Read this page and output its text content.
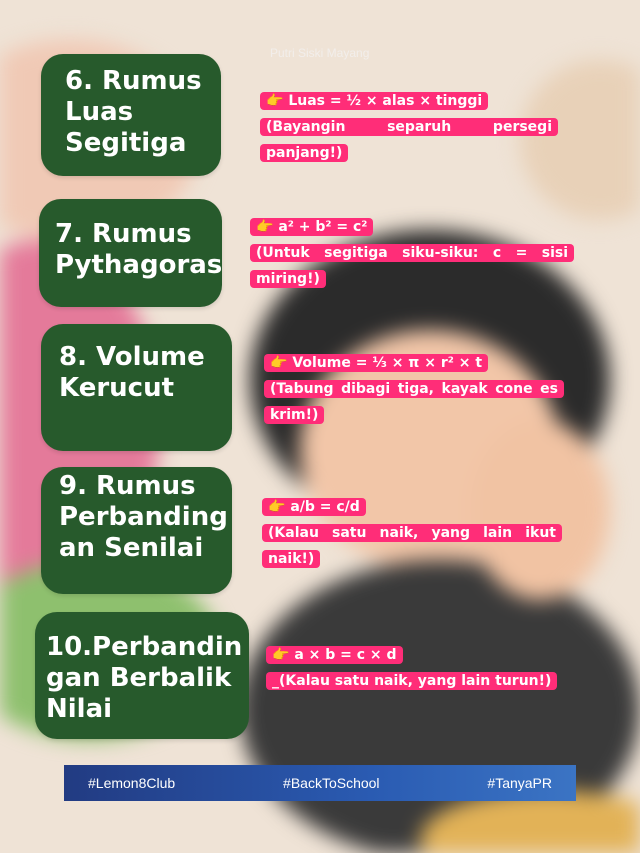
Putri Siski Mayang
6. Rumus
Luas
Segitiga
👉 Luas = ½ × alas × tinggi
(Bayangin separuh persegi panjang!)
7. Rumus
Pythagoras
👉 a² + b² = c²
(Untuk segitiga siku-siku: c = sisi miring!)
8. Volume
Kerucut
👉 Volume = ⅓ × π × r² × t
(Tabung dibagi tiga, kayak cone es krim!)
9. Rumus
Perbanding
an Senilai
👉 a/b = c/d
(Kalau satu naik, yang lain ikut naik!)
10.Perbandin
gan Berbalik
Nilai
👉 a × b = c × d _(Kalau satu naik, yang lain turun!)
#Lemon8Club	#BackToSchool	#TanyaPR
